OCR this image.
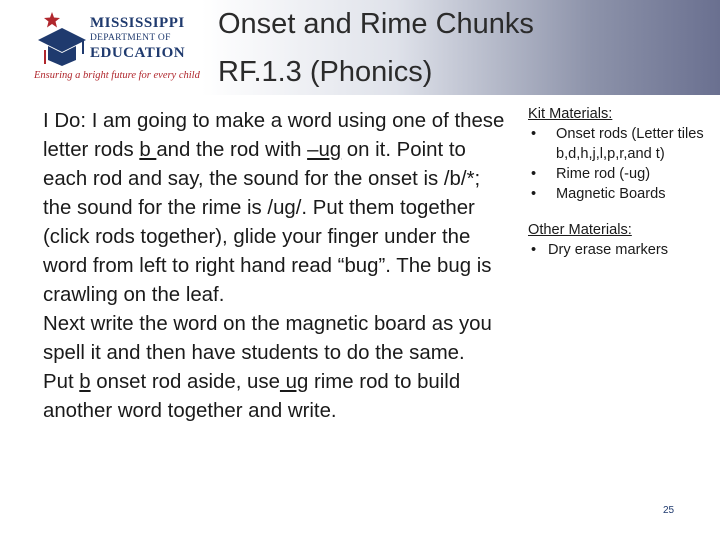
MISSISSIPPI
DEPARTMENT OF
EDUCATION
Ensuring a bright future for every child
Onset and Rime Chunks
RF.1.3 (Phonics)

I Do: I am going to make a word using one of these letter rods b and the rod with –ug on it. Point to each rod and say, the sound for the onset is /b/*; the sound for the rime is /ug/. Put them together (click rods together), glide your finger under the word from left to right hand read “bug”. The bug is crawling on the leaf.

Next write the word on the magnetic board as you spell it and then have students to do the same.

Put b onset rod aside, use ug rime rod to build another word together and write.

Kit Materials:
• Onset rods (Letter tiles b,d,h,j,l,p,r,and t)
• Rime rod (-ug)
• Magnetic Boards
Other Materials:
• Dry erase markers
25
